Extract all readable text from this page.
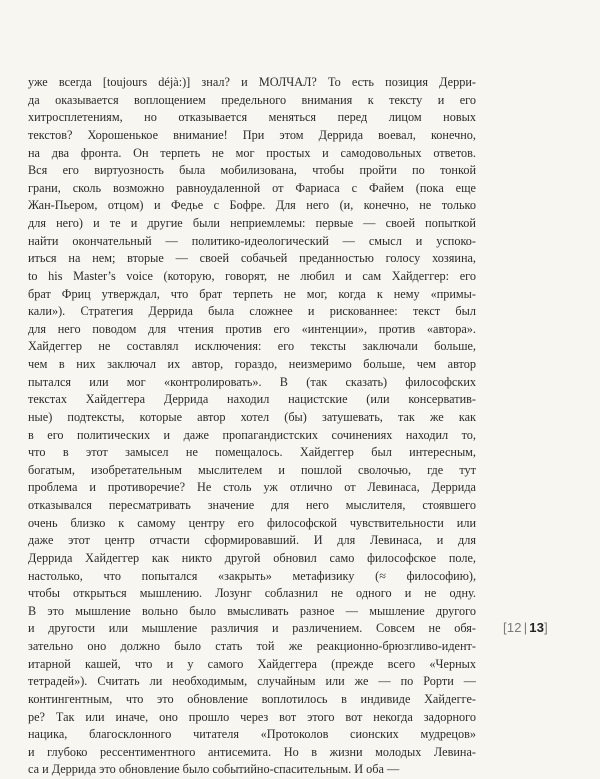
уже всегда [toujours déjà:)] знал? и МОЛЧАЛ? То есть позиция Дерри-
да оказывается воплощением предельного внимания к тексту и его
хитросплетениям, но отказывается меняться перед лицом новых
текстов? Хорошенькое внимание! При этом Деррида воевал, конечно,
на два фронта. Он терпеть не мог простых и самодовольных ответов.
Вся его виртуозность была мобилизована, чтобы пройти по тонкой
грани, сколь возможно равноудаленной от Фариаса с Файем (пока еще
Жан-Пьером, отцом) и Федье с Бофре. Для него (и, конечно, не только
для него) и те и другие были неприемлемы: первые — своей попыткой
найти окончательный — политико-идеологический — смысл и успоко-
иться на нем; вторые — своей собачьей преданностью голосу хозяина,
to his Master’s voice (которую, говорят, не любил и сам Хайдеггер: его
брат Фриц утверждал, что брат терпеть не мог, когда к нему «примы-
кали»). Стратегия Деррида была сложнее и рискованнее: текст был
для него поводом для чтения против его «интенции», против «автора».
Хайдеггер не составлял исключения: его тексты заключали больше,
чем в них заключал их автор, гораздо, неизмеримо больше, чем автор
пытался или мог «контролировать». В (так сказать) философских
текстах Хайдеггера Деррида находил нацистские (или консерватив-
ные) подтексты, которые автор хотел (бы) затушевать, так же как
в его политических и даже пропагандистских сочинениях находил то,
что в этот замысел не помещалось. Хайдеггер был интересным,
богатым, изобретательным мыслителем и пошлой сволочью, где тут
проблема и противоречие? Не столь уж отлично от Левинаса, Деррида
отказывался пересматривать значение для него мыслителя, стоявшего
очень близко к самому центру его философской чувствительности или
даже этот центр отчасти сформировавший. И для Левинаса, и для
Деррида Хайдеггер как никто другой обновил само философское поле,
настолько, что попытался «закрыть» метафизику (≈ философию),
чтобы открыться мышлению. Лозунг соблазнил не одного и не одну.
В это мышление вольно было вмысливать разное — мышление другого
и другости или мышление различия и различением. Совсем не обя-
зательно оно должно было стать той же реакционно-брюзгливо-идент-
итарной кашей, что и у самого Хайдеггера (прежде всего «Черных
тетрадей»). Считать ли необходимым, случайным или же — по Рорти —
контингентным, что это обновление воплотилось в индивиде Хайдегге-
ре? Так или иначе, оно прошло через вот этого вот некогда задорного
нацика, благосклонного читателя «Протоколов сионских мудрецов»
и глубоко рессентиментного антисемита. Но в жизни молодых Левина-
са и Деррида это обновление было событийно-спасительным. И оба —
[12 | 13]
